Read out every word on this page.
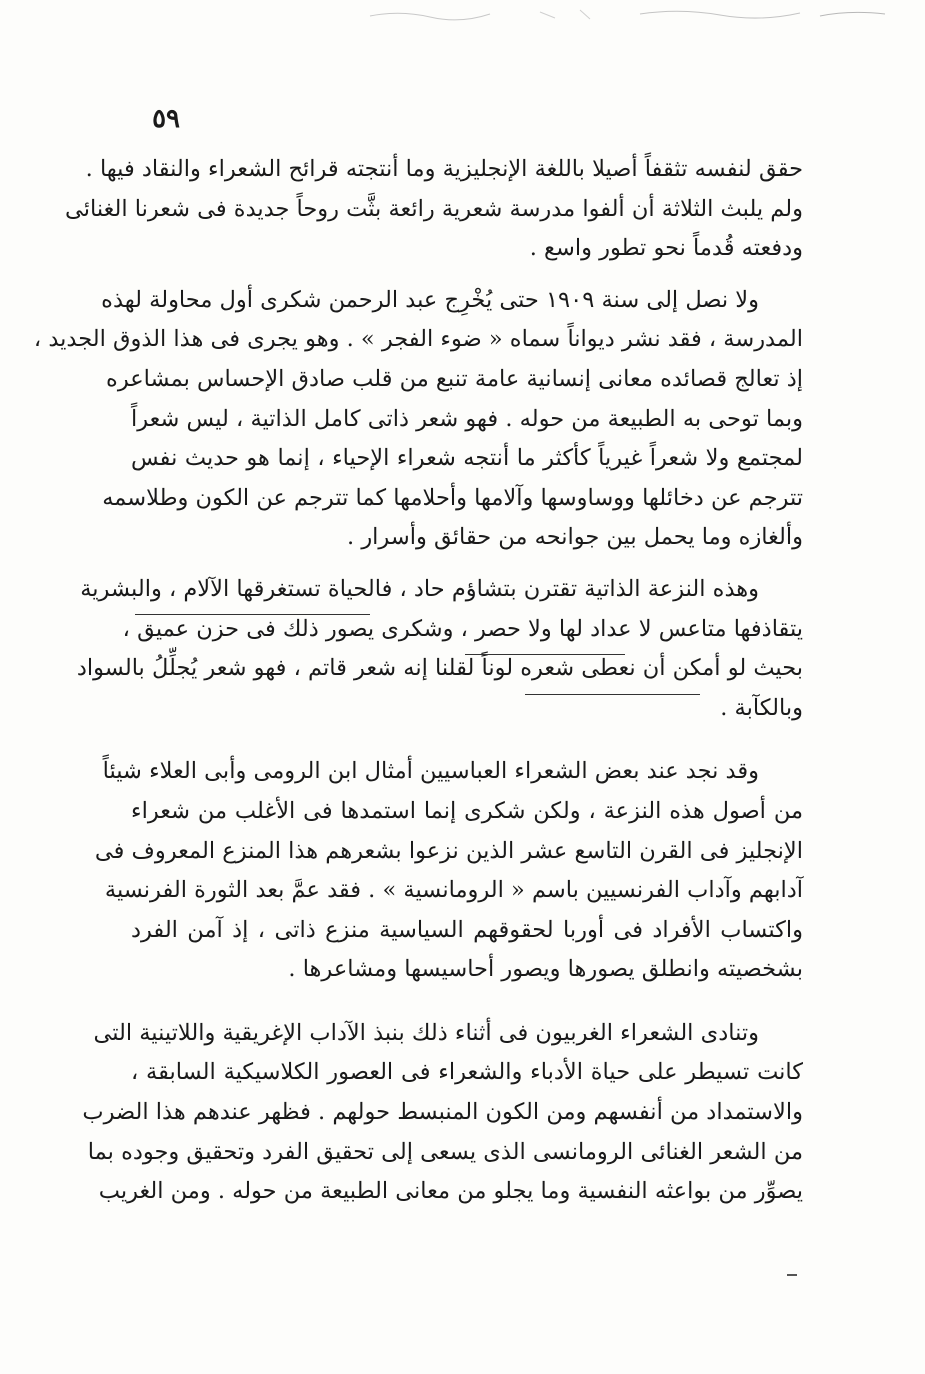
٥٩
حقق لنفسه تثقفاً أصيلا باللغة الإنجليزية وما أنتجته قرائح الشعراء والنقاد فيها .
ولم يلبث الثلاثة أن ألفوا مدرسة شعرية رائعة بثَّت روحاً جديدة فى شعرنا الغنائى
ودفعته قُدماً نحو تطور واسع .
ولا نصل إلى سنة ١٩٠٩ حتى يُخْرِج عبد الرحمن شكرى أول محاولة لهذه
المدرسة ، فقد نشر ديواناً سماه « ضوء الفجر » . وهو يجرى فى هذا الذوق الجديد ،
إذ تعالج قصائده معانى إنسانية عامة تنبع من قلب صادق الإحساس بمشاعره
وبما توحى به الطبيعة من حوله . فهو شعر ذاتى كامل الذاتية ، ليس شعراً
لمجتمع ولا شعراً غيرياً كأكثر ما أنتجه شعراء الإحياء ، إنما هو حديث نفس
تترجم عن دخائلها ووساوسها وآلامها وأحلامها كما تترجم عن الكون وطلاسمه
وألغازه وما يحمل بين جوانحه من حقائق وأسرار .
وهذه النزعة الذاتية تقترن بتشاؤم حاد ، فالحياة تستغرقها الآلام ، والبشرية
يتقاذفها متاعس لا عداد لها ولا حصر ، وشكرى يصور ذلك فى حزن عميق ،
بحيث لو أمكن أن نعطى شعره لوناً لقلنا إنه شعر قاتم ، فهو شعر يُجلِّلُ بالسواد
وبالكآبة .
وقد نجد عند بعض الشعراء العباسيين أمثال ابن الرومى وأبى العلاء شيئاً
من أصول هذه النزعة ، ولكن شكرى إنما استمدها فى الأغلب من شعراء
الإنجليز فى القرن التاسع عشر الذين نزعوا بشعرهم هذا المنزع المعروف فى
آدابهم وآداب الفرنسيين باسم « الرومانسية » . فقد عمَّ بعد الثورة الفرنسية
واكتساب الأفراد فى أوربا لحقوقهم السياسية منزع ذاتى ، إذ آمن الفرد
بشخصيته وانطلق يصورها ويصور أحاسيسها ومشاعرها .
وتنادى الشعراء الغربيون فى أثناء ذلك بنبذ الآداب الإغريقية واللاتينية التى
كانت تسيطر على حياة الأدباء والشعراء فى العصور الكلاسيكية السابقة ،
والاستمداد من أنفسهم ومن الكون المنبسط حولهم . فظهر عندهم هذا الضرب
من الشعر الغنائى الرومانسى الذى يسعى إلى تحقيق الفرد وتحقيق وجوده بما
يصوِّر من بواعثه النفسية وما يجلو من معانى الطبيعة من حوله . ومن الغريب
